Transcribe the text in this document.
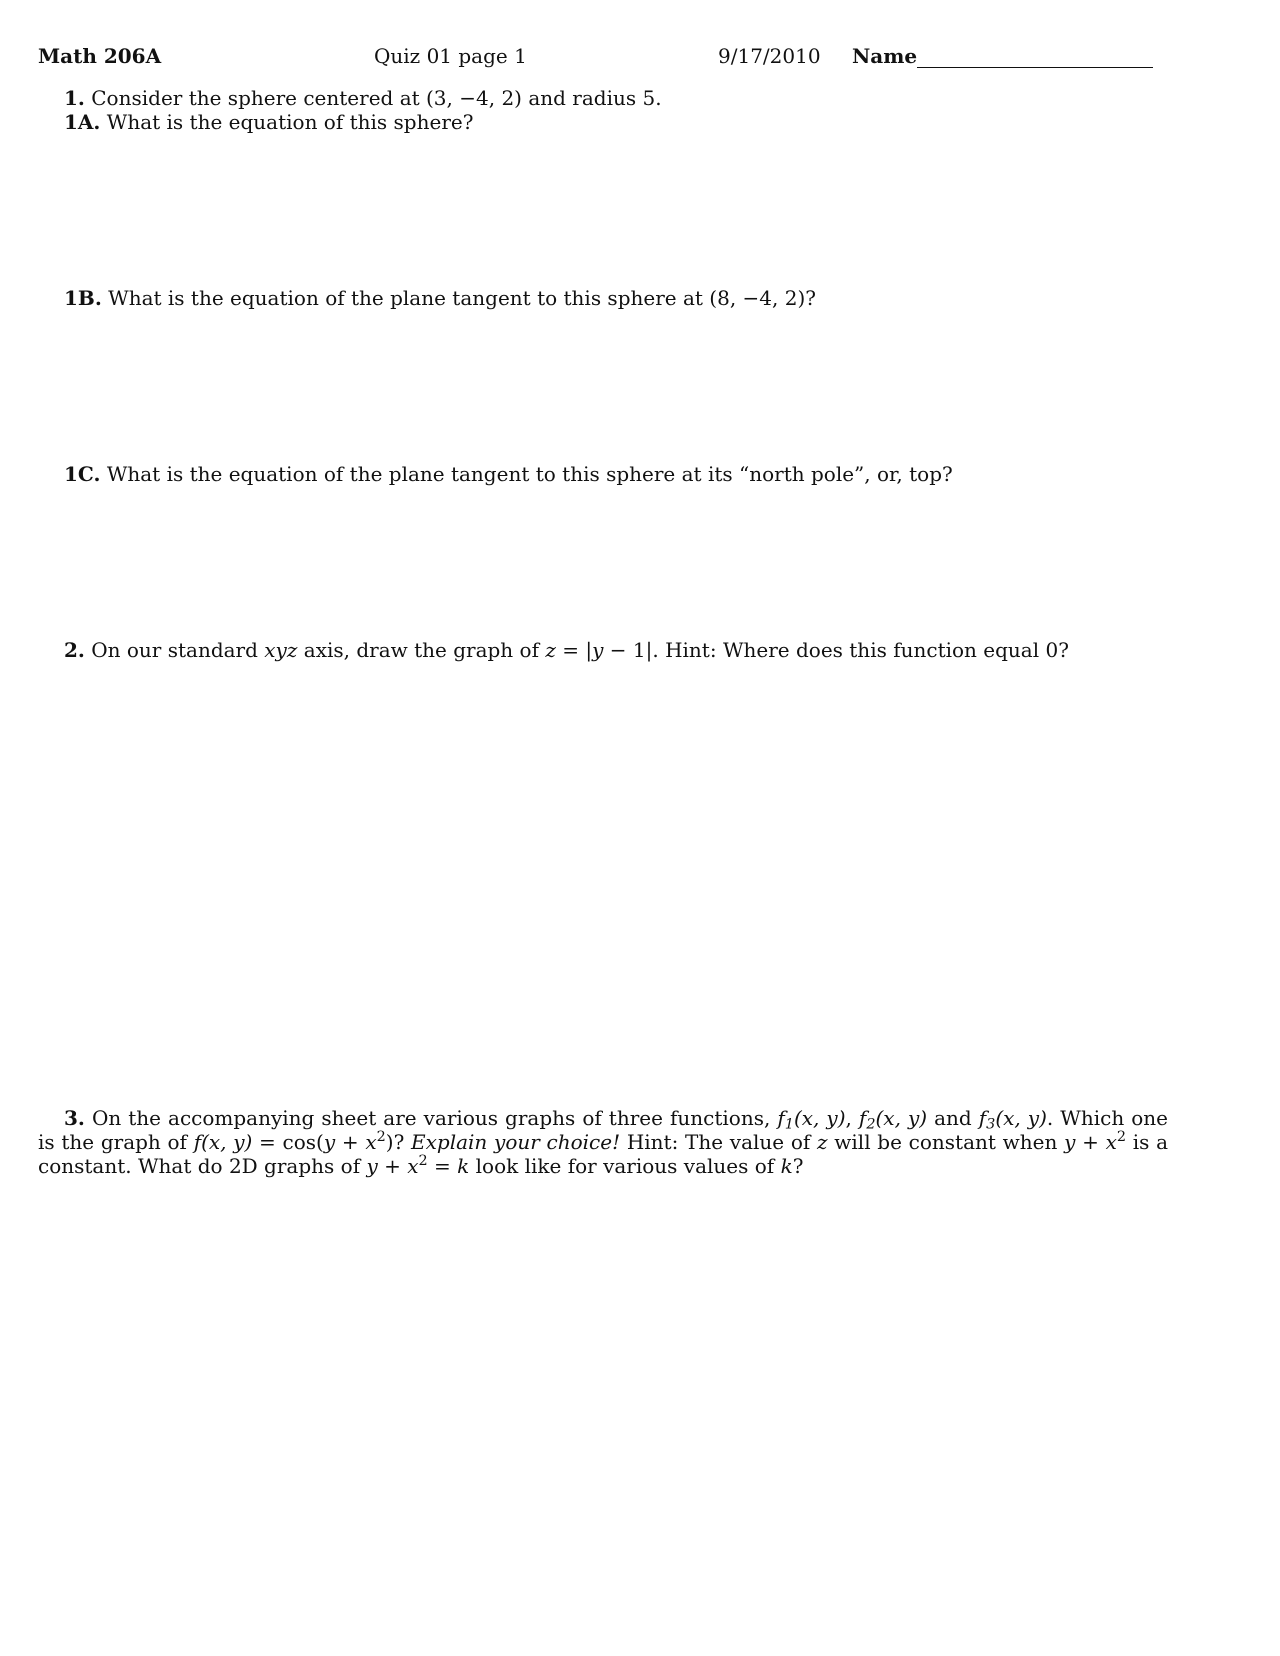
Math 206A	Quiz 01 page 1	9/17/2010 Name
1. Consider the sphere centered at (3, −4, 2) and radius 5.
1A. What is the equation of this sphere?
1B. What is the equation of the plane tangent to this sphere at (8, −4, 2)?
1C. What is the equation of the plane tangent to this sphere at its “north pole”, or, top?
2. On our standard xyz axis, draw the graph of z = |y − 1|. Hint: Where does this function equal 0?
3. On the accompanying sheet are various graphs of three functions, $f_1(x$, y), $f_2(x$, y) and $f_3(x$, y). Which one is the graph of f(x, $y) = \cos(y + x^2)$? Explain your choice! Hint: The value of z will be constant when $y + x^2$ is a constant. What do 2D graphs of $y + x^2 = k$ look like for various values of k?
